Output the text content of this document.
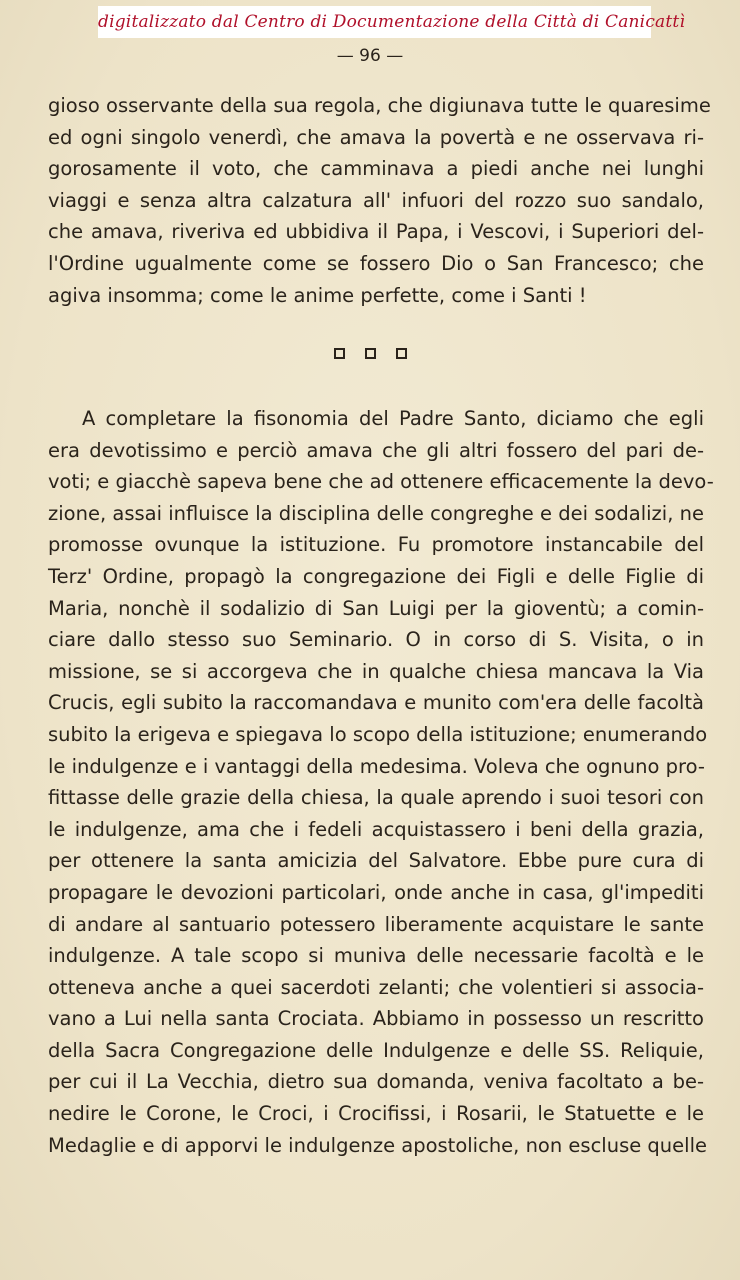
digitalizzato dal Centro di Documentazione della Città di Canicattì
— 96 —
gioso osservante della sua regola, che digiunava tutte le quaresime
ed ogni singolo venerdì, che amava la povertà e ne osservava ri-
gorosamente il voto, che camminava a piedi anche nei lunghi
viaggi e senza altra calzatura all' infuori del rozzo suo sandalo,
che amava, riveriva ed ubbidiva il Papa, i Vescovi, i Superiori del-
l'Ordine ugualmente come se fossero Dio o San Francesco; che
agiva insomma; come le anime perfette, come i Santi !
A completare la fisonomia del Padre Santo, diciamo che egli
era devotissimo e perciò amava che gli altri fossero del pari de-
voti; e giacchè sapeva bene che ad ottenere efficacemente la devo-
zione, assai influisce la disciplina delle congreghe e dei sodalizi, ne
promosse ovunque la istituzione. Fu promotore instancabile del
Terz' Ordine, propagò la congregazione dei Figli e delle Figlie di
Maria, nonchè il sodalizio di San Luigi per la gioventù; a comin-
ciare dallo stesso suo Seminario. O in corso di S. Visita, o in
missione, se si accorgeva che in qualche chiesa mancava la Via
Crucis, egli subito la raccomandava e munito com'era delle facoltà
subito la erigeva e spiegava lo scopo della istituzione; enumerando
le indulgenze e i vantaggi della medesima. Voleva che ognuno pro-
fittasse delle grazie della chiesa, la quale aprendo i suoi tesori con
le indulgenze, ama che i fedeli acquistassero i beni della grazia,
per ottenere la santa amicizia del Salvatore. Ebbe pure cura di
propagare le devozioni particolari, onde anche in casa, gl'impediti
di andare al santuario potessero liberamente acquistare le sante
indulgenze. A tale scopo si muniva delle necessarie facoltà e le
otteneva anche a quei sacerdoti zelanti; che volentieri si associa-
vano a Lui nella santa Crociata. Abbiamo in possesso un rescritto
della Sacra Congregazione delle Indulgenze e delle SS. Reliquie,
per cui il La Vecchia, dietro sua domanda, veniva facoltato a be-
nedire le Corone, le Croci, i Crocifissi, i Rosarii, le Statuette e le
Medaglie e di apporvi le indulgenze apostoliche, non escluse quelle
